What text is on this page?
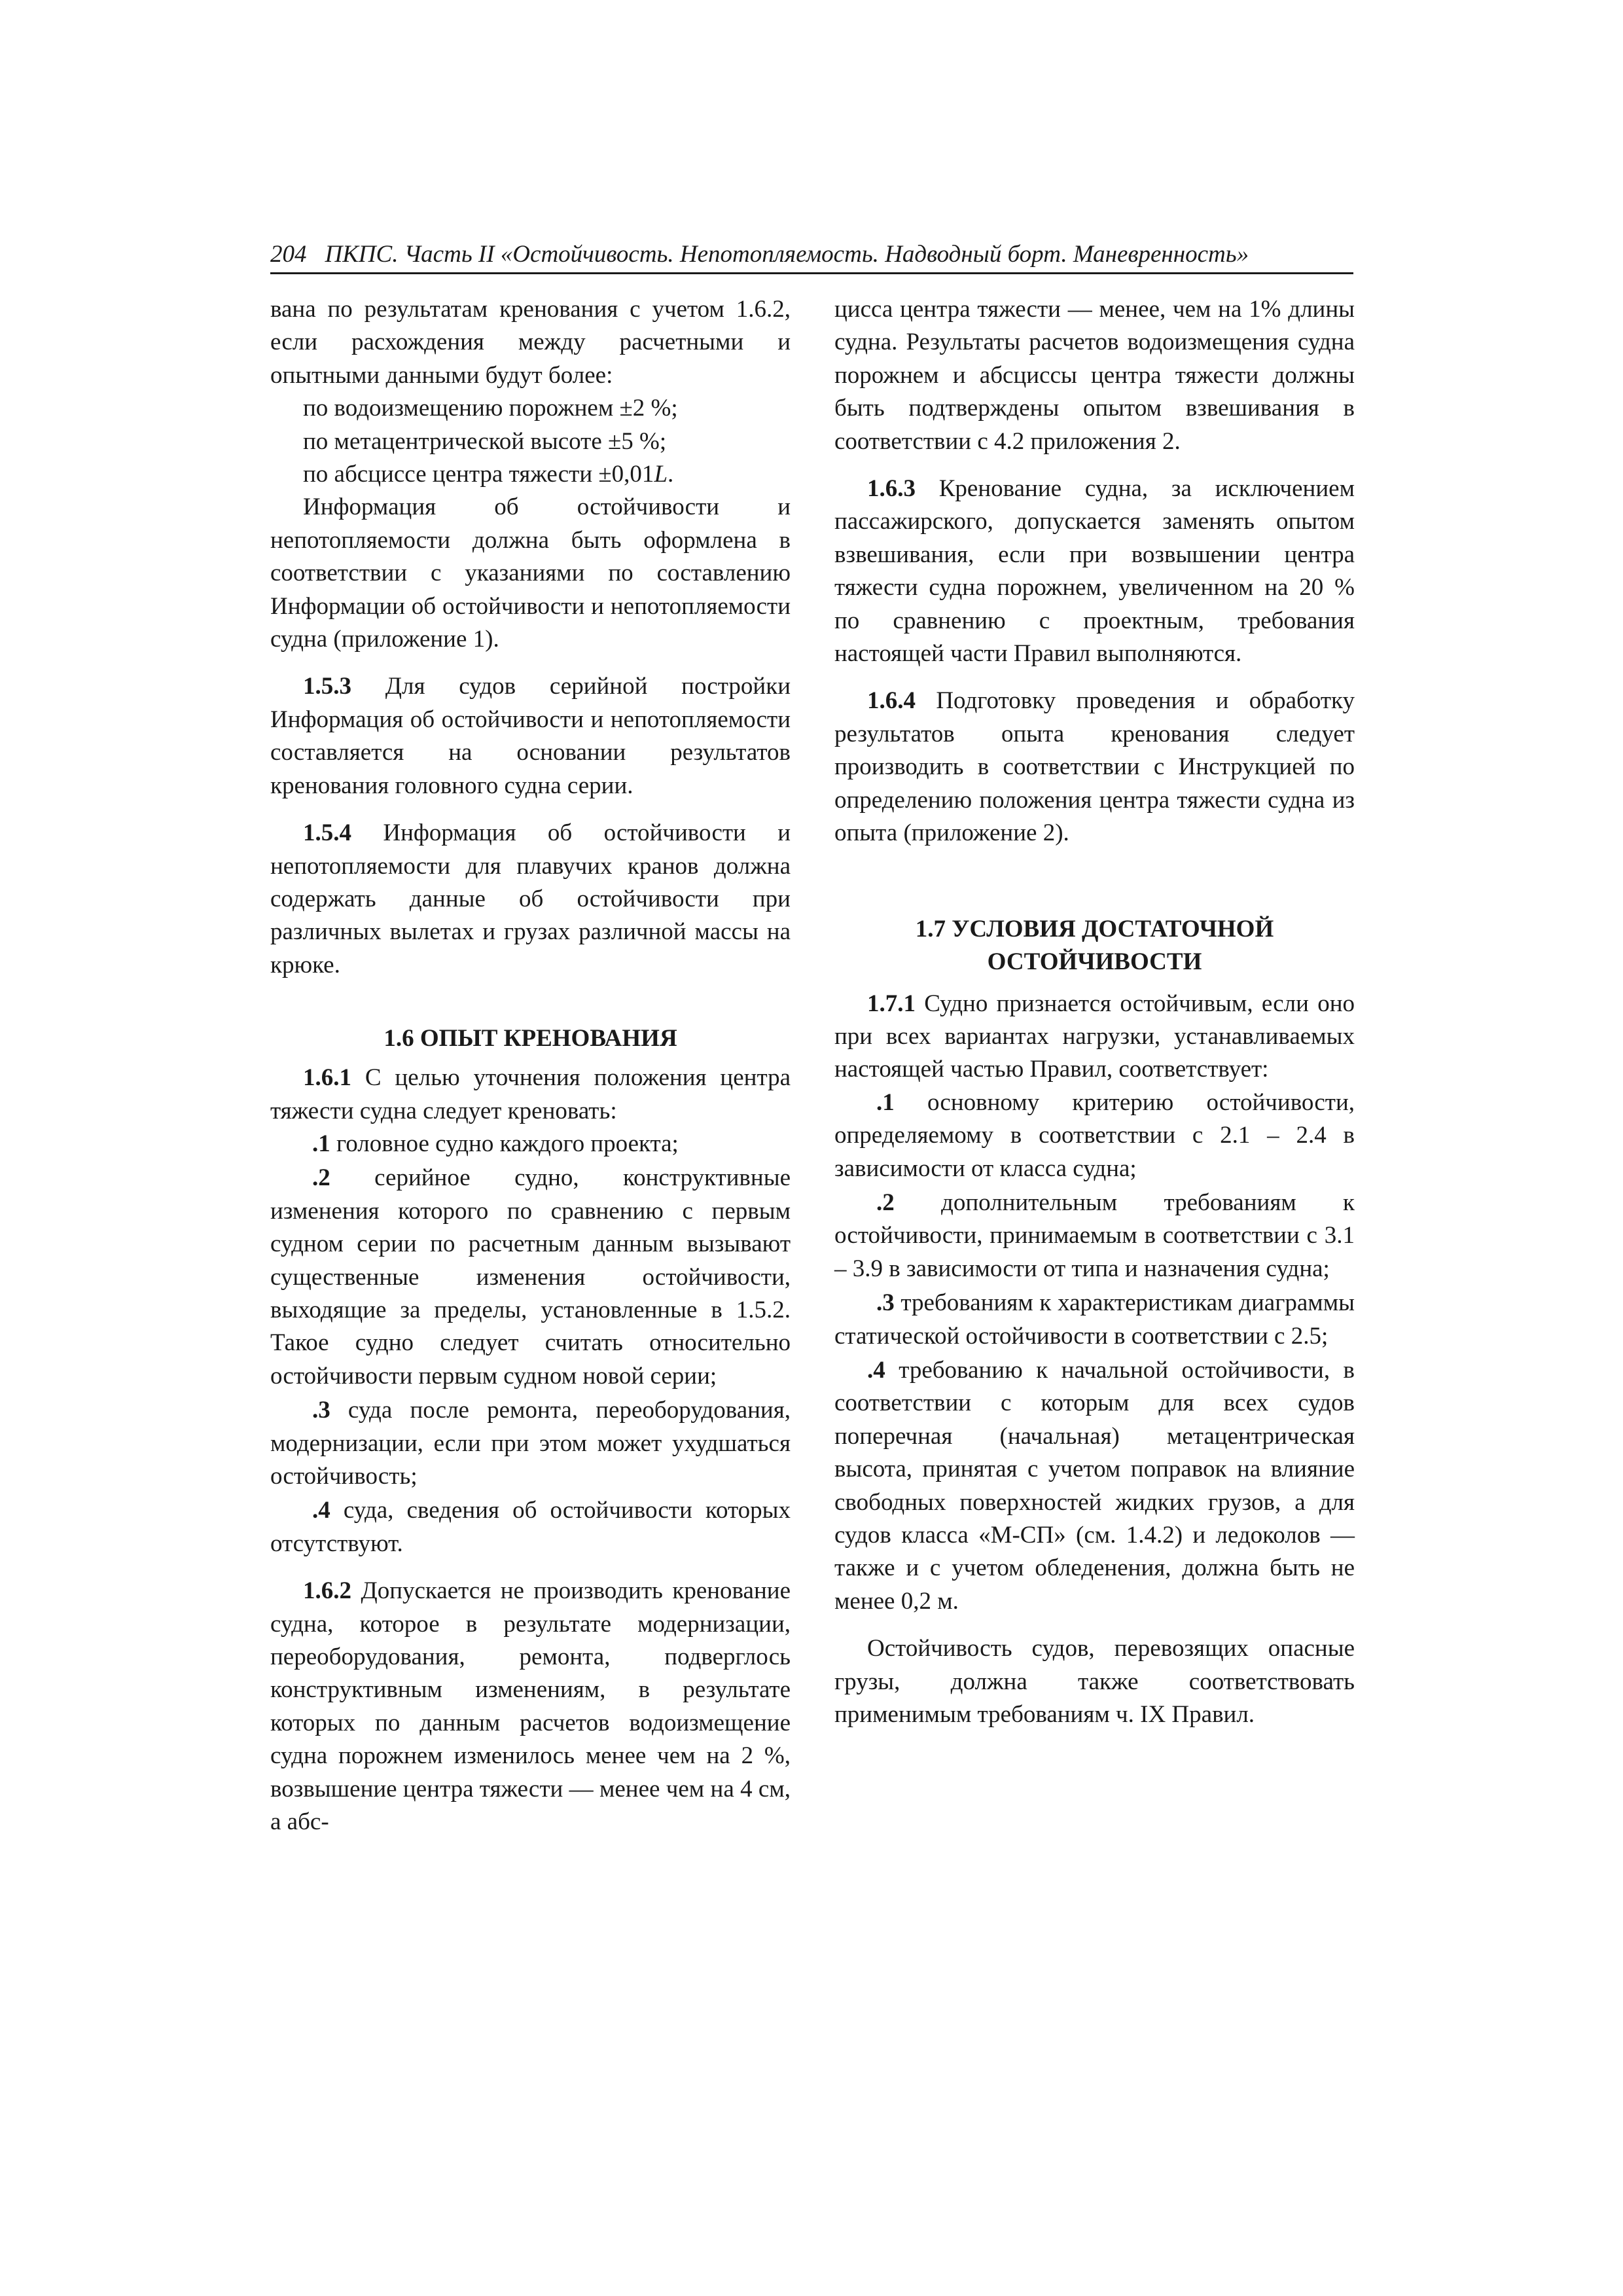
204 ПКПС. Часть II «Остойчивость. Непотопляемость. Надводный борт. Маневренность»

вана по результатам кренования с учетом 1.6.2, если расхождения между расчетными и опытными данными будут более:

по водоизмещению порожнем ±2 %;

по метацентрической высоте ±5 %;

по абсциссе центра тяжести ±0,01L.

Информация об остойчивости и непотопляемости должна быть оформлена в соответствии с указаниями по составлению Информации об остойчивости и непотопляемости судна (приложение 1).

1.5.3 Для судов серийной постройки Информация об остойчивости и непотопляемости составляется на основании результатов кренования головного судна серии.

1.5.4 Информация об остойчивости и непотопляемости для плавучих кранов должна содержать данные об остойчивости при различных вылетах и грузах различной массы на крюке.

1.6 ОПЫТ КРЕНОВАНИЯ

1.6.1 С целью уточнения положения центра тяжести судна следует креновать:

.1 головное судно каждого проекта;

.2 серийное судно, конструктивные изменения которого по сравнению с первым судном серии по расчетным данным вызывают существенные изменения остойчивости, выходящие за пределы, установленные в 1.5.2. Такое судно следует считать относительно остойчивости первым судном новой серии;

.3 суда после ремонта, переоборудования, модернизации, если при этом может ухудшаться остойчивость;

.4 суда, сведения об остойчивости которых отсутствуют.

1.6.2 Допускается не производить кренование судна, которое в результате модернизации, переоборудования, ремонта, подверглось конструктивным изменениям, в результате которых по данным расчетов водоизмещение судна порожнем изменилось менее чем на 2 %, возвышение центра тяжести — менее чем на 4 см, а абс-

цисса центра тяжести — менее, чем на 1% длины судна. Результаты расчетов водоизмещения судна порожнем и абсциссы центра тяжести должны быть подтверждены опытом взвешивания в соответствии с 4.2 приложения 2.

1.6.3 Кренование судна, за исключением пассажирского, допускается заменять опытом взвешивания, если при возвышении центра тяжести судна порожнем, увеличенном на 20 % по сравнению с проектным, требования настоящей части Правил выполняются.

1.6.4 Подготовку проведения и обработку результатов опыта кренования следует производить в соответствии с Инструкцией по определению положения центра тяжести судна из опыта (приложение 2).

1.7 УСЛОВИЯ ДОСТАТОЧНОЙ
ОСТОЙЧИВОСТИ

1.7.1 Судно признается остойчивым, если оно при всех вариантах нагрузки, устанавливаемых настоящей частью Правил, соответствует:

.1 основному критерию остойчивости, определяемому в соответствии с 2.1 – 2.4 в зависимости от класса судна;

.2 дополнительным требованиям к остойчивости, принимаемым в соответствии с 3.1 – 3.9 в зависимости от типа и назначения судна;

.3 требованиям к характеристикам диаграммы статической остойчивости в соответствии с 2.5;

.4 требованию к начальной остойчивости, в соответствии с которым для всех судов поперечная (начальная) метацентрическая высота, принятая с учетом поправок на влияние свободных поверхностей жидких грузов, а для судов класса «М-СП» (см. 1.4.2) и ледоколов — также и с учетом обледенения, должна быть не менее 0,2 м.

Остойчивость судов, перевозящих опасные грузы, должна также соответствовать применимым требованиям ч. IX Правил.
